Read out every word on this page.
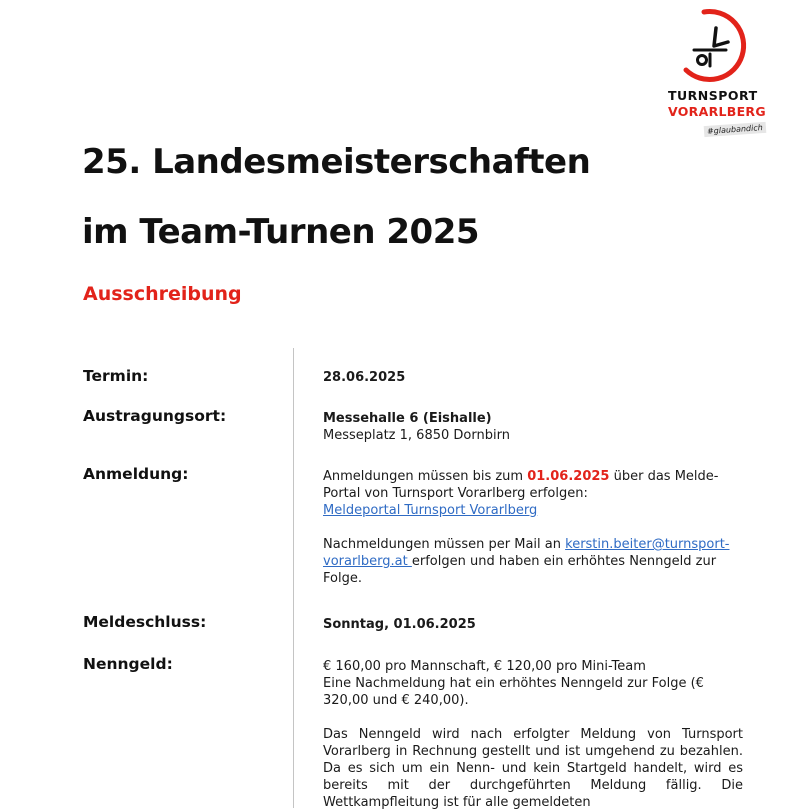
TURNSPORT
VORARLBERG
#glaubandich
25. Landesmeisterschaften
im Team-Turnen 2025
Ausschreibung
Termin:	28.06.2025
Austragungsort:	Messehalle 6 (Eishalle)

Messeplatz 1, 6850 Dornbirn

Anmeldung:	Anmeldungen müssen bis zum 01.06.2025 über das Melde-Portal von Turnsport Vorarlberg erfolgen:

Meldeportal Turnsport Vorarlberg

Nachmeldungen müssen per Mail an kerstin.beiter@turnsport-vorarlberg.at erfolgen und haben ein erhöhtes Nenngeld zur Folge.

Meldeschluss:	Sonntag, 01.06.2025
Nenngeld:	€ 160,00 pro Mannschaft, € 120,00 pro Mini-Team

Eine Nachmeldung hat ein erhöhtes Nenngeld zur Folge (€ 320,00 und € 240,00).

Das Nenngeld wird nach erfolgter Meldung von Turnsport Vorarlberg in Rechnung gestellt und ist umgehend zu bezahlen. Da es sich um ein Nenn- und kein Startgeld handelt, wird es bereits mit der durchgeführten Meldung fällig. Die Wettkampfleitung ist für alle gemeldeten
